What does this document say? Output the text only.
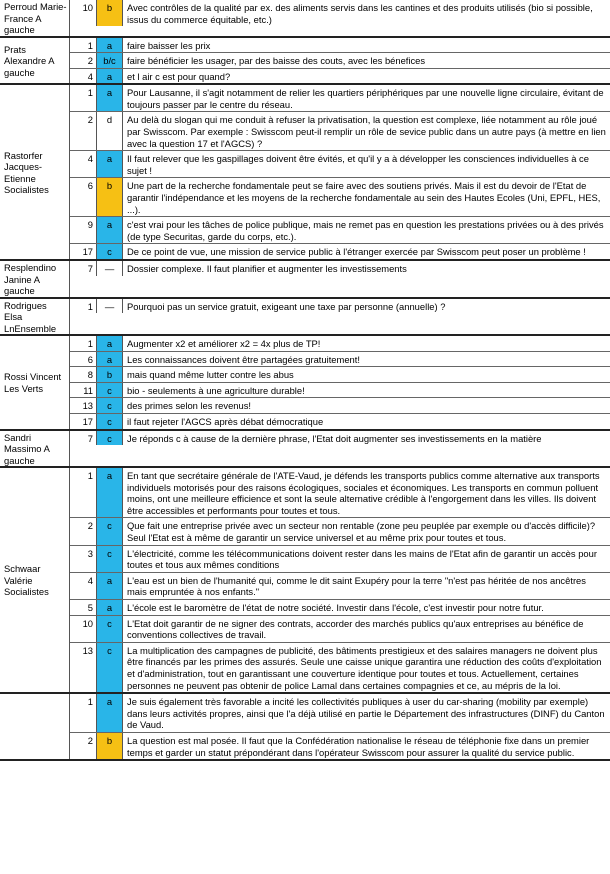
Perroud Marie-France A gauche
10	b	Avec contrôles de la qualité par ex. des aliments servis dans les cantines et des produits utilisés (bio si possible, issus du commerce équitable, etc.)
Prats Alexandre A gauche
1	a	faire baisser les prix
2	b/c	faire bénéficier les usager, par des baisse des couts, avec les bénefices
4	a	et l air c est pour quand?
Rastorfer Jacques-Etienne Socialistes
1	a	Pour Lausanne, il s'agit notamment de relier les quartiers périphériques par une nouvelle ligne circulaire, évitant de toujours passer par le centre du réseau.
2	d	Au delà du slogan qui me conduit à refuser la privatisation, la question est complexe, liée notamment au rôle joué par Swisscom. Par exemple : Swisscom peut-il remplir un rôle de sevice public dans un autre pays (à mettre en lien avec la question 17 et l'AGCS) ?
4	a	Il faut relever que les gaspillages doivent être évités, et qu'il y a à développer les consciences individuelles à ce sujet !
6	b	Une part de la recherche fondamentale peut se faire avec des soutiens privés. Mais il est du devoir de l'Etat de garantir l'indépendance et les moyens de la recherche fondamentale au sein des Hautes Ecoles (Uni, EPFL, HES, ...).
9	a	c'est vrai pour les tâches de police publique, mais ne remet pas en question les prestations privées ou à des privés (de type Securitas, garde du corps, etc.).
17	c	De ce point de vue, une mission de service public à l'étranger exercée par Swisscom peut poser un problème !
Resplendino Janine A gauche
7	—	Dossier complexe. Il faut planifier et augmenter les investissements
Rodrigues Elsa LnEnsemble
1	—	Pourquoi pas un service gratuit, exigeant une taxe par personne (annuelle) ?
Rossi Vincent Les Verts
1	a	Augmenter x2 et améliorer x2 = 4x plus de TP!
6	a	Les connaissances doivent être partagées gratuitement!
8	b	mais quand même lutter contre les abus
11	c	bio - seulements à une agriculture durable!
13	c	des primes selon les revenus!
17	c	il faut rejeter l'AGCS après débat démocratique
Sandri Massimo A gauche
7	c	Je réponds c à cause de la dernière phrase, l'Etat doit augmenter ses investissements en la matière
Schwaar Valérie Socialistes
1	a	En tant que secrétaire générale de l'ATE-Vaud, je défends les transports publics comme alternative aux transports individuels motorisés pour des raisons écologiques, sociales et économiques. Les transports en commun polluent moins, ont une meilleure efficience et sont la seule alternative crédible à l'engorgement dans les villes. Ils doivent être accessibles et performants pour toutes et tous.
2	c	Que fait une entreprise privée avec un secteur non rentable (zone peu peuplée par exemple ou d'accès difficile)? Seul l'Etat est à même de garantir un service universel et au même prix pour toutes et tous.
3	c	L'électricité, comme les télécommunications doivent rester dans les mains de l'Etat afin de garantir un accès pour toutes et tous aux mêmes conditions
4	a	L'eau est un bien de l'humanité qui, comme le dit saint Exupéry pour la terre "n'est pas héritée de nos ancêtres mais empruntée à nos enfants."
5	a	L'école est le baromètre de l'état de notre société. Investir dans l'école, c'est investir pour notre futur.
10	c	L'Etat doit garantir de ne signer des contrats, accorder des marchés publics qu'aux entreprises au bénéfice de conventions collectives de travail.
13	c	La multiplication des campagnes de publicité, des bâtiments prestigieux et des salaires managers ne doivent plus être financés par les primes des assurés. Seule une caisse unique garantira une réduction des coûts d'exploitation et d'administration, tout en garantissant une couverture identique pour toutes et tous. Actuellement, certaines personnes ne peuvent pas obtenir de police Lamal dans certaines compagnies et ce, au mépris de la loi.
1	a	Je suis également très favorable a incité les collectivités publiques à user du car-sharing (mobility par exemple) dans leurs activités propres, ainsi que l'a déjà utilisé en partie le Département des infrastructures (DINF) du Canton de Vaud.
2	b	La question est mal posée. Il faut que la Confédération nationalise le réseau de téléphonie fixe dans un premier temps et garder un statut prépondérant dans l'opérateur Swisscom pour assurer la qualité du service public.
